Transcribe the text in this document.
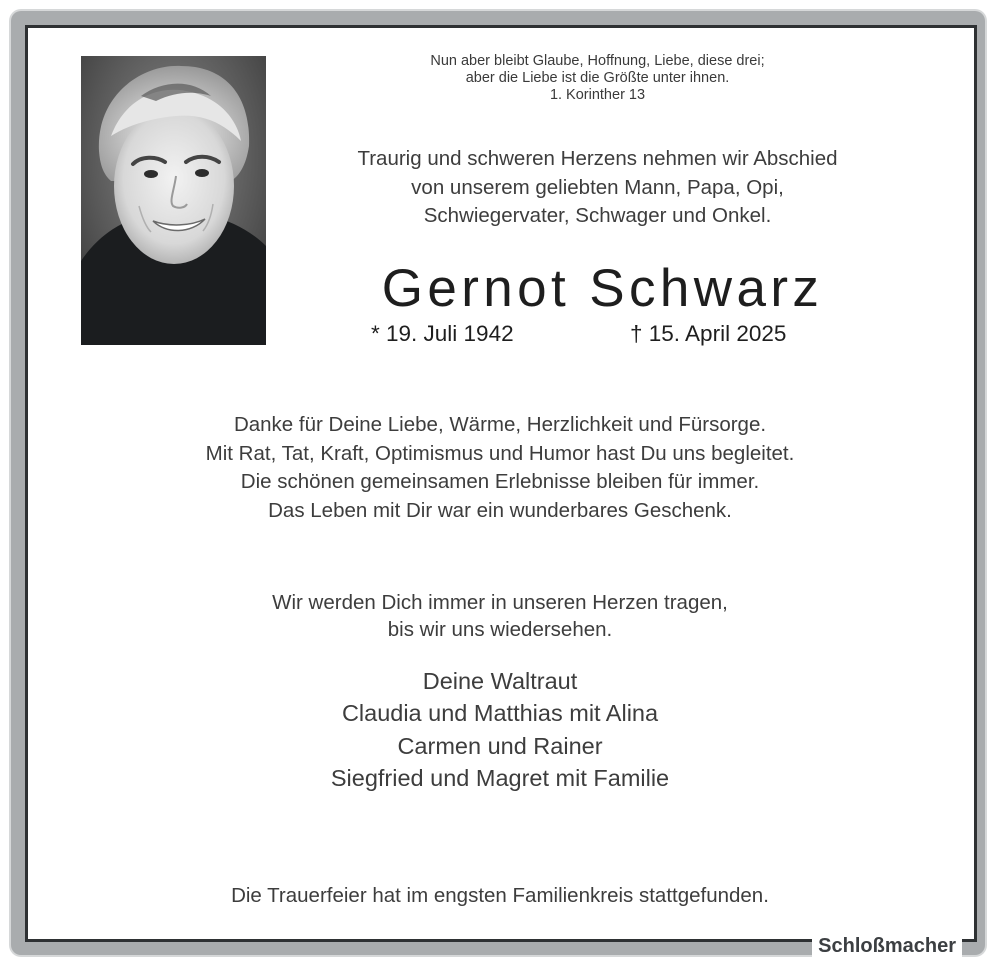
Nun aber bleibt Glaube, Hoffnung, Liebe, diese drei;
aber die Liebe ist die Größte unter ihnen.
1. Korinther 13
Traurig und schweren Herzens nehmen wir Abschied
von unserem geliebten Mann, Papa, Opi,
Schwiegervater, Schwager und Onkel.
Gernot Schwarz
* 19. Juli 1942	† 15. April 2025
Danke für Deine Liebe, Wärme, Herzlichkeit und Fürsorge.
Mit Rat, Tat, Kraft, Optimismus und Humor hast Du uns begleitet.
Die schönen gemeinsamen Erlebnisse bleiben für immer.
Das Leben mit Dir war ein wunderbares Geschenk.
Wir werden Dich immer in unseren Herzen tragen,
bis wir uns wiedersehen.
Deine Waltraut
Claudia und Matthias mit Alina
Carmen und Rainer
Siegfried und Magret mit Familie
Die Trauerfeier hat im engsten Familienkreis stattgefunden.
Schloßmacher
